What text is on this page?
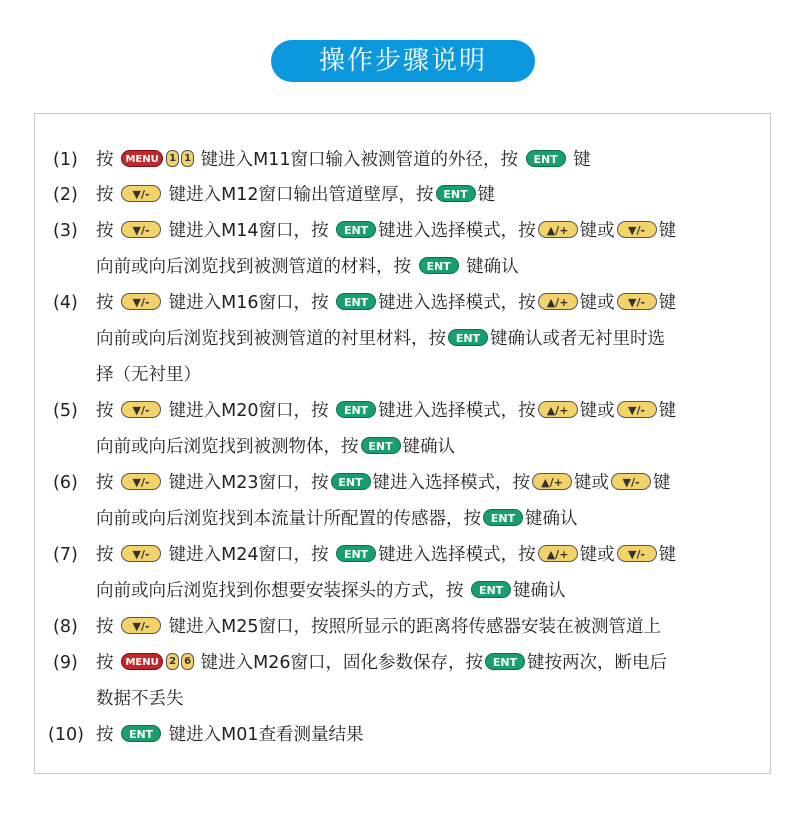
操作步骤说明
(1) 按 MENU 1 1 键进入M11窗口输入被测管道的外径，按 ENT 键
(2) 按 ▼/- 键进入M12窗口输出管道壁厚，按 ENT 键
(3) 按 ▼/- 键进入M14窗口，按 ENT 键进入选择模式，按 ▲/+ 键或 ▼/- 键
向前或向后浏览找到被测管道的材料，按 ENT 键确认
(4) 按 ▼/- 键进入M16窗口，按 ENT 键进入选择模式，按 ▲/+ 键或 ▼/- 键
向前或向后浏览找到被测管道的衬里材料，按 ENT 键确认或者无衬里时选
择（无衬里）
(5) 按 ▼/- 键进入M20窗口，按 ENT 键进入选择模式，按 ▲/+ 键或 ▼/- 键
向前或向后浏览找到被测物体，按 ENT 键确认
(6) 按 ▼/- 键进入M23窗口，按 ENT 键进入选择模式，按 ▲/+ 键或 ▼/- 键
向前或向后浏览找到本流量计所配置的传感器，按 ENT 键确认
(7) 按 ▼/- 键进入M24窗口，按 ENT 键进入选择模式，按 ▲/+ 键或 ▼/- 键
向前或向后浏览找到你想要安装探头的方式，按 ENT 键确认
(8) 按 ▼/- 键进入M25窗口，按照所显示的距离将传感器安装在被测管道上
(9) 按 MENU 2 6 键进入M26窗口，固化参数保存，按 ENT 键按两次，断电后
数据不丢失
(10) 按 ENT 键进入M01查看测量结果
